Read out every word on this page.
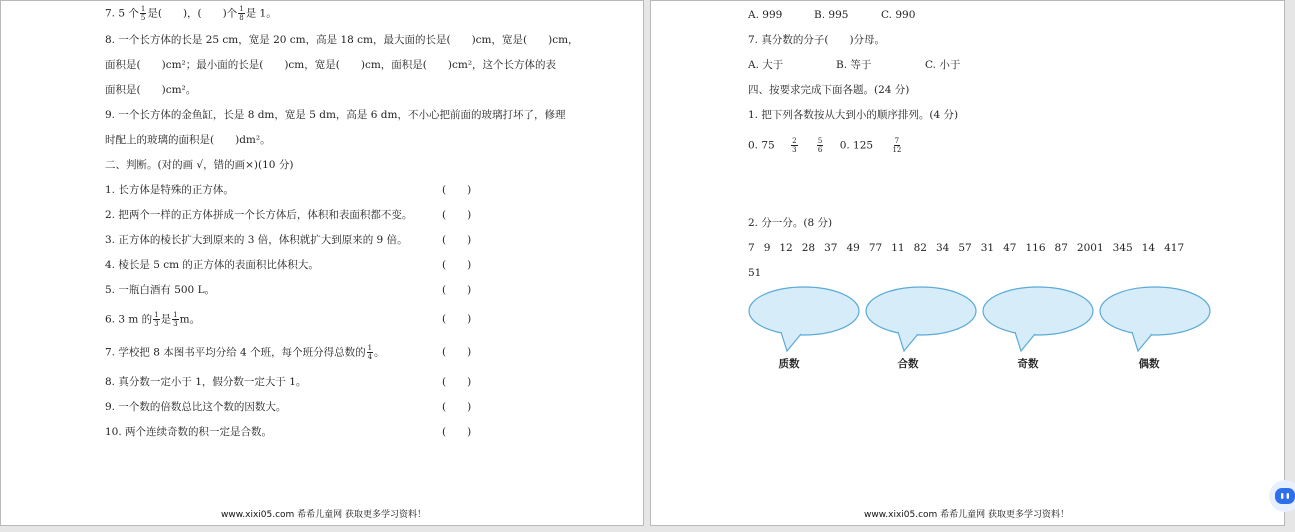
7. 5 个 $\frac{1}{5}$ 是(　　)，(　　)个 $\frac{1}{8}$ 是 1。
8. 一个长方体的长是 25 cm，宽是 20 cm，高是 18 cm，最大面的长是(　　)cm，宽是(　　)cm，
面积是(　　)cm²；最小面的长是(　　)cm，宽是(　　)cm，面积是(　　)cm²，这个长方体的表
面积是(　　)cm²。
9. 一个长方体的金鱼缸，长是 8 dm，宽是 5 dm，高是 6 dm，不小心把前面的玻璃打坏了，修理
时配上的玻璃的面积是(　　)dm²。
二、判断。(对的画 √，错的画×)(10 分)
1. 长方体是特殊的正方体。	(　　)
2. 把两个一样的正方体拼成一个长方体后，体积和表面积都不变。	(　　)
3. 正方体的棱长扩大到原来的 3 倍，体积就扩大到原来的 9 倍。	(　　)
4. 棱长是 5 cm 的正方体的表面积比体积大。	(　　)
5. 一瓶白酒有 500 L。	(　　)
6. 3 m 的 $\frac{1}{3}$ 是 $\frac{1}{3}$ m。	(　　)
7. 学校把 8 本图书平均分给 4 个班，每个班分得总数的 $\frac{1}{4}$ 。	(　　)
8. 真分数一定小于 1，假分数一定大于 1。	(　　)
9. 一个数的倍数总比这个数的因数大。	(　　)
10. 两个连续奇数的积一定是合数。	(　　)
www.xixi05.com 希希儿童网 获取更多学习资料！
A. 999	B. 995	C. 990
7. 真分数的分子(　　)分母。
A. 大于	B. 等于	C. 小于
四、按要求完成下面各题。(24 分)
1. 把下列各数按从大到小的顺序排列。(4 分)
0. $75 \frac{2}{3}$
	$\frac{5}{6} 0$. 125	$\frac{7}{12}$
2. 分一分。(8 分)
7 9 12 28 37 49 77 11 82 34 57 31 47 116 87 2001 345 14 417
51
质数	合数	奇数	偶数
www.xixi05.com 希希儿童网 获取更多学习资料！
